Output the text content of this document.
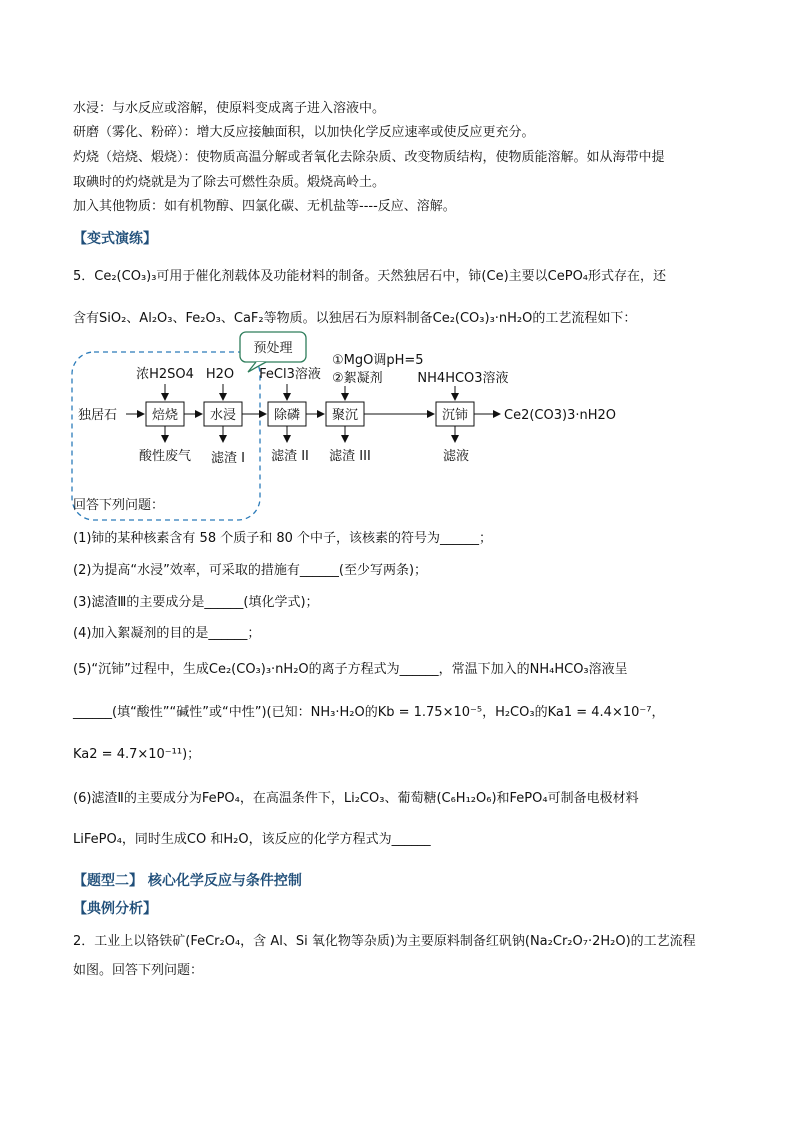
水浸：与水反应或溶解，使原料变成离子进入溶液中。
研磨（雾化、粉碎）：增大反应接触面积，以加快化学反应速率或使反应更充分。
灼烧（焙烧、煅烧）：使物质高温分解或者氧化去除杂质、改变物质结构，使物质能溶解。如从海带中提
取碘时的灼烧就是为了除去可燃性杂质。煅烧高岭土。
加入其他物质：如有机物醇、四氯化碳、无机盐等----反应、溶解。
【变式演练】
5．Ce₂(CO₃)₃可用于催化剂载体及功能材料的制备。天然独居石中，铈(Ce)主要以CePO₄形式存在，还
含有SiO₂、Al₂O₃、Fe₂O₃、CaF₂等物质。以独居石为原料制备Ce₂(CO₃)₃·nH₂O的工艺流程如下：
预处理
独居石	焙烧
浓H2SO4
酸性废气
水浸
H2O
滤渣 I
除磷
FeCl3溶液
滤渣 II
聚沉
①MgO调pH=5
②絮凝剂
滤渣 III
沉铈
NH4HCO3溶液
滤液
Ce2(CO3)3·nH2O
回答下列问题：
(1)铈的某种核素含有 58 个质子和 80 个中子，该核素的符号为______；
(2)为提高“水浸”效率，可采取的措施有______(至少写两条)；
(3)滤渣Ⅲ的主要成分是______(填化学式)；
(4)加入絮凝剂的目的是______；
(5)“沉铈”过程中，生成Ce₂(CO₃)₃·nH₂O的离子方程式为______，常温下加入的NH₄HCO₃溶液呈
______(填“酸性”“碱性”或“中性”)(已知：NH₃·H₂O的Kb = 1.75×10⁻⁵，H₂CO₃的Ka1 = 4.4×10⁻⁷，
Ka2 = 4.7×10⁻¹¹)；
(6)滤渣Ⅱ的主要成分为FePO₄，在高温条件下，Li₂CO₃、葡萄糖(C₆H₁₂O₆)和FePO₄可制备电极材料
LiFePO₄，同时生成CO 和H₂O，该反应的化学方程式为______
【题型二】 核心化学反应与条件控制
【典例分析】
2．工业上以铬铁矿(FeCr₂O₄，含 Al、Si 氧化物等杂质)为主要原料制备红矾钠(Na₂Cr₂O₇·2H₂O)的工艺流程
如图。回答下列问题：
